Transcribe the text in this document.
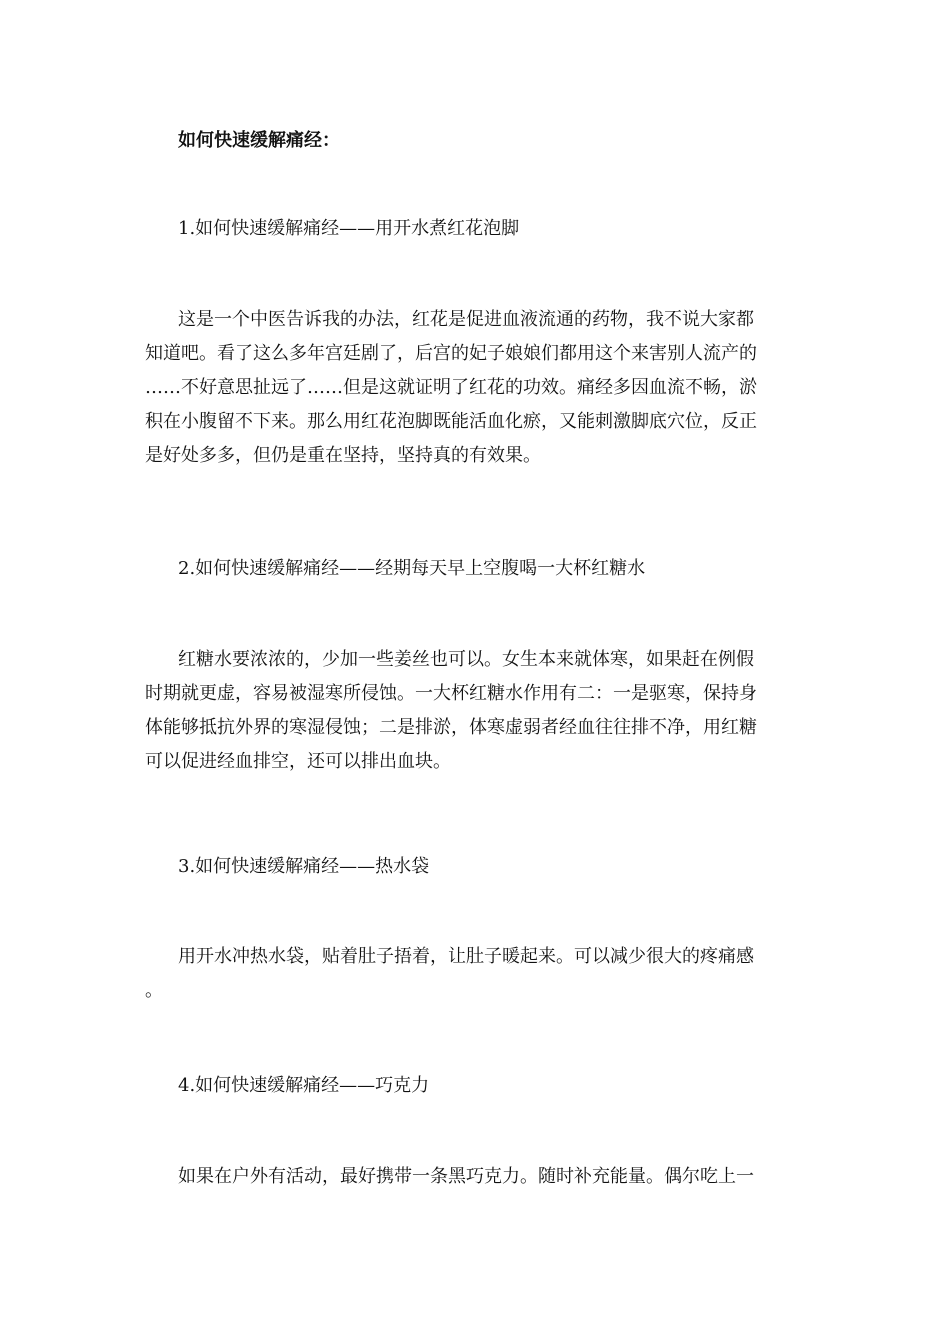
如何快速缓解痛经：
1.如何快速缓解痛经——用开水煮红花泡脚
这是一个中医告诉我的办法，红花是促进血液流通的药物，我不说大家都
知道吧。看了这么多年宫廷剧了，后宫的妃子娘娘们都用这个来害别人流产的
……不好意思扯远了……但是这就证明了红花的功效。痛经多因血流不畅，淤
积在小腹留不下来。那么用红花泡脚既能活血化瘀，又能刺激脚底穴位，反正
是好处多多，但仍是重在坚持，坚持真的有效果。
2.如何快速缓解痛经——经期每天早上空腹喝一大杯红糖水
红糖水要浓浓的，少加一些姜丝也可以。女生本来就体寒，如果赶在例假
时期就更虚，容易被湿寒所侵蚀。一大杯红糖水作用有二：一是驱寒，保持身
体能够抵抗外界的寒湿侵蚀；二是排淤，体寒虚弱者经血往往排不净，用红糖
可以促进经血排空，还可以排出血块。
3.如何快速缓解痛经——热水袋
用开水冲热水袋，贴着肚子捂着，让肚子暖起来。可以减少很大的疼痛感
。
4.如何快速缓解痛经——巧克力
如果在户外有活动，最好携带一条黑巧克力。随时补充能量。偶尔吃上一
